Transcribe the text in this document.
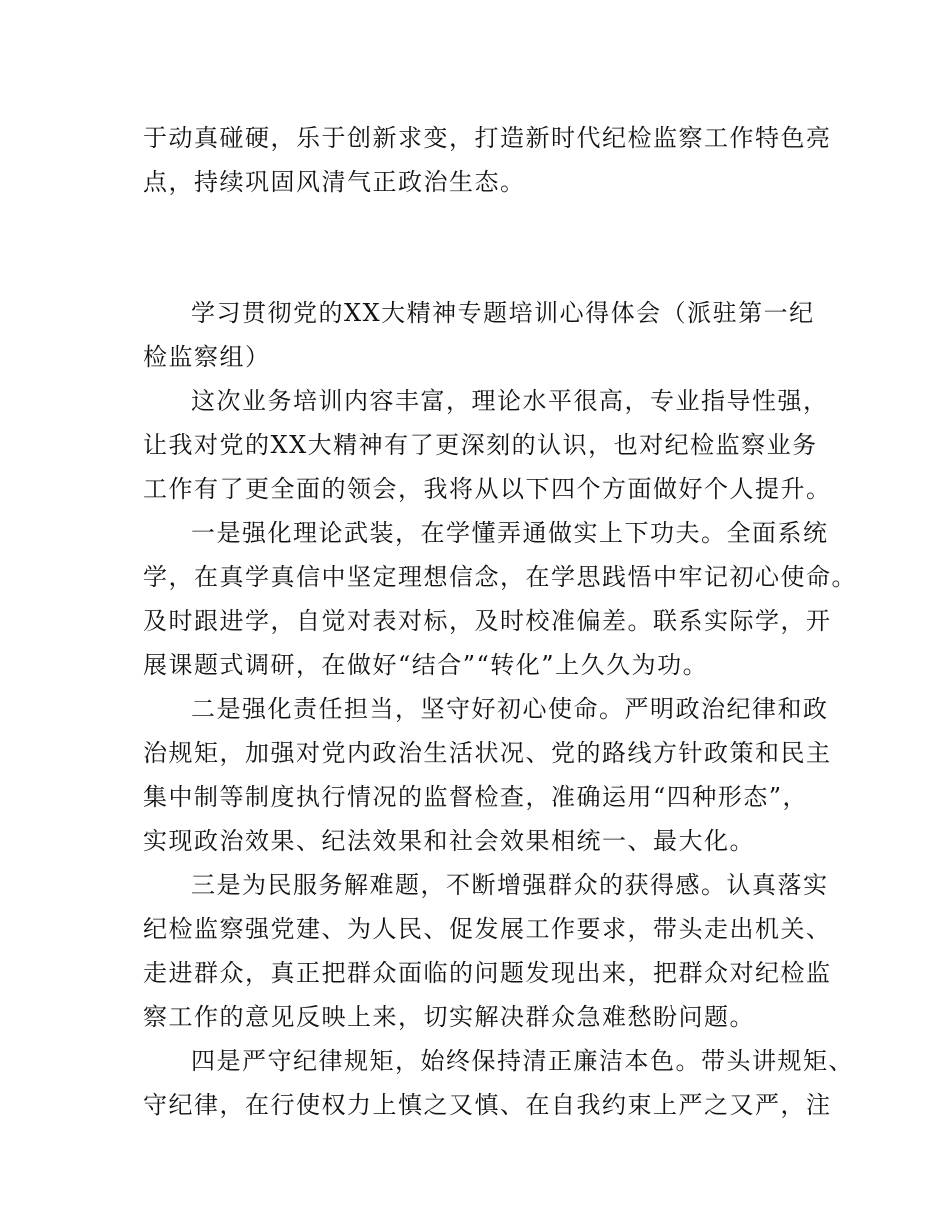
于动真碰硬，乐于创新求变，打造新时代纪检监察工作特色亮
点，持续巩固风清气正政治生态。
学习贯彻党的XX大精神专题培训心得体会（派驻第一纪
检监察组）
这次业务培训内容丰富，理论水平很高，专业指导性强，
让我对党的XX大精神有了更深刻的认识，也对纪检监察业务
工作有了更全面的领会，我将从以下四个方面做好个人提升。
一是强化理论武装，在学懂弄通做实上下功夫。全面系统
学，在真学真信中坚定理想信念，在学思践悟中牢记初心使命。
及时跟进学，自觉对表对标，及时校准偏差。联系实际学，开
展课题式调研，在做好“结合”“转化”上久久为功。
二是强化责任担当，坚守好初心使命。严明政治纪律和政
治规矩，加强对党内政治生活状况、党的路线方针政策和民主
集中制等制度执行情况的监督检查，准确运用“四种形态”，
实现政治效果、纪法效果和社会效果相统一、最大化。
三是为民服务解难题，不断增强群众的获得感。认真落实
纪检监察强党建、为人民、促发展工作要求，带头走出机关、
走进群众，真正把群众面临的问题发现出来，把群众对纪检监
察工作的意见反映上来，切实解决群众急难愁盼问题。
四是严守纪律规矩，始终保持清正廉洁本色。带头讲规矩、
守纪律，在行使权力上慎之又慎、在自我约束上严之又严，注
